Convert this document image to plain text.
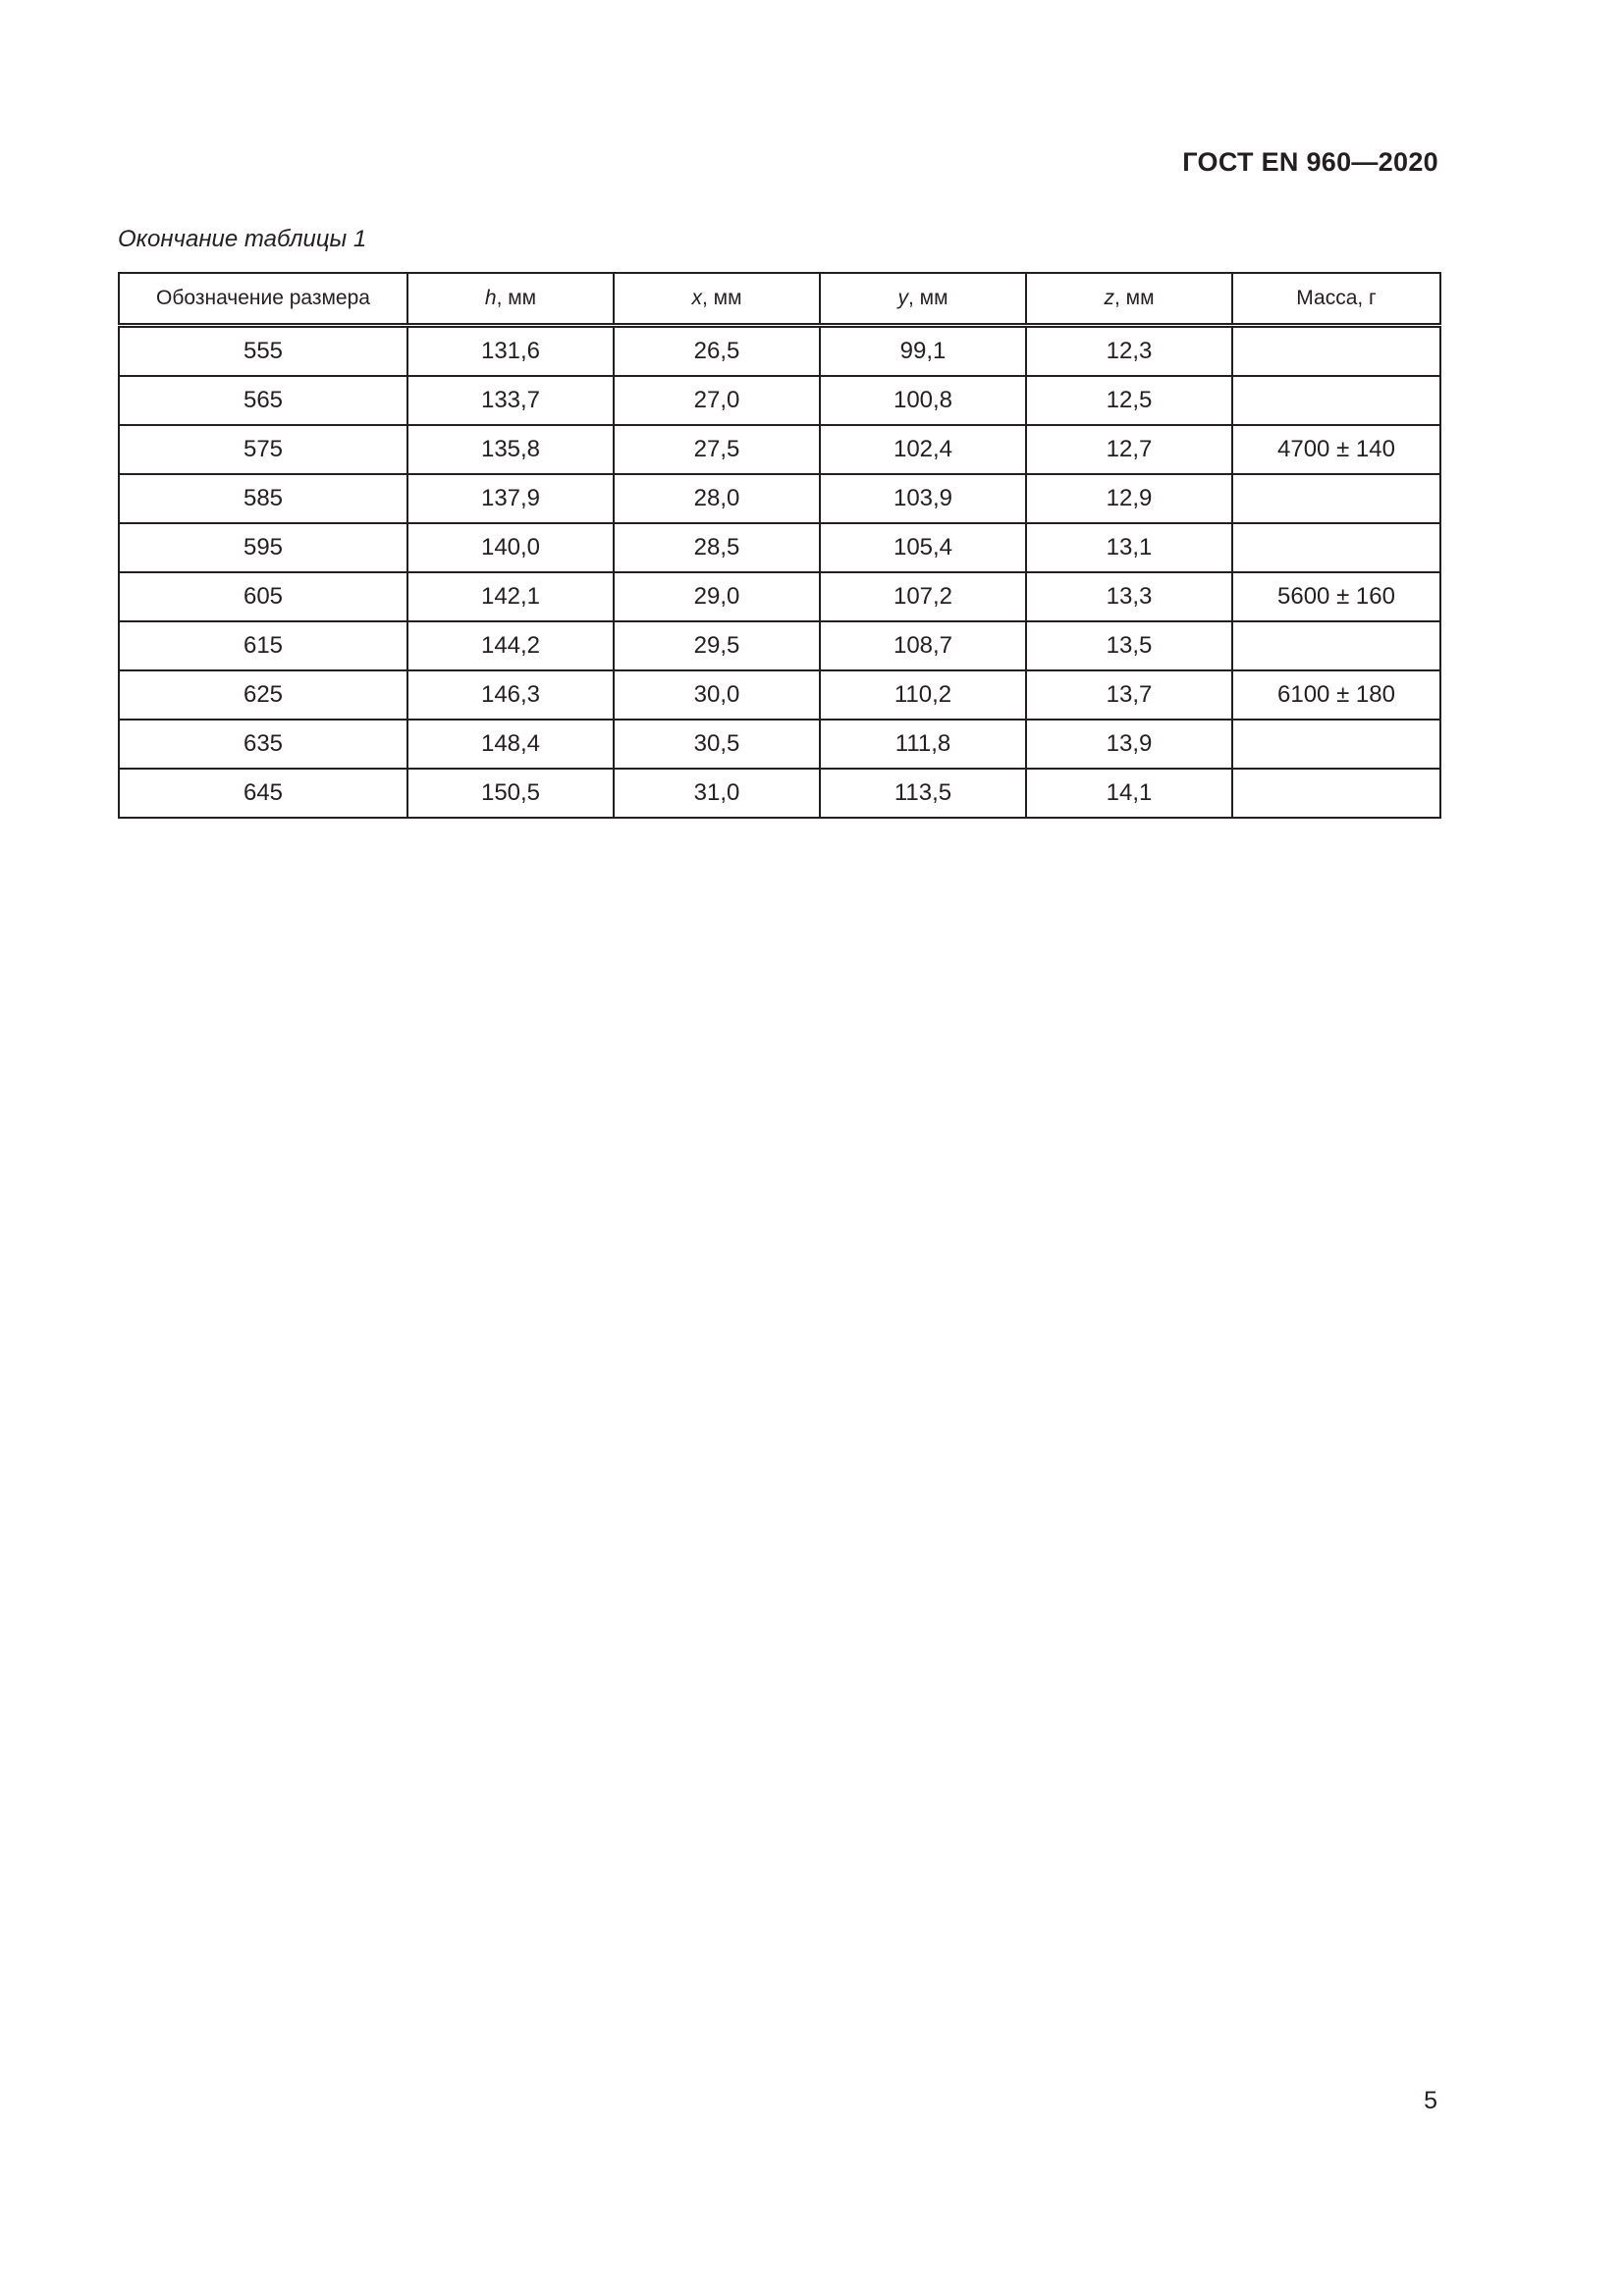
ГОСТ EN 960—2020
Окончание таблицы 1
Обозначение размера	h, мм	x, мм	y, мм	z, мм	Масса, г
555	131,6	26,5	99,1	12,3	
565	133,7	27,0	100,8	12,5	
575	135,8	27,5	102,4	12,7	4700 ± 140
585	137,9	28,0	103,9	12,9	
595	140,0	28,5	105,4	13,1	
605	142,1	29,0	107,2	13,3	5600 ± 160
615	144,2	29,5	108,7	13,5	
625	146,3	30,0	110,2	13,7	6100 ± 180
635	148,4	30,5	111,8	13,9	
645	150,5	31,0	113,5	14,1	
5
